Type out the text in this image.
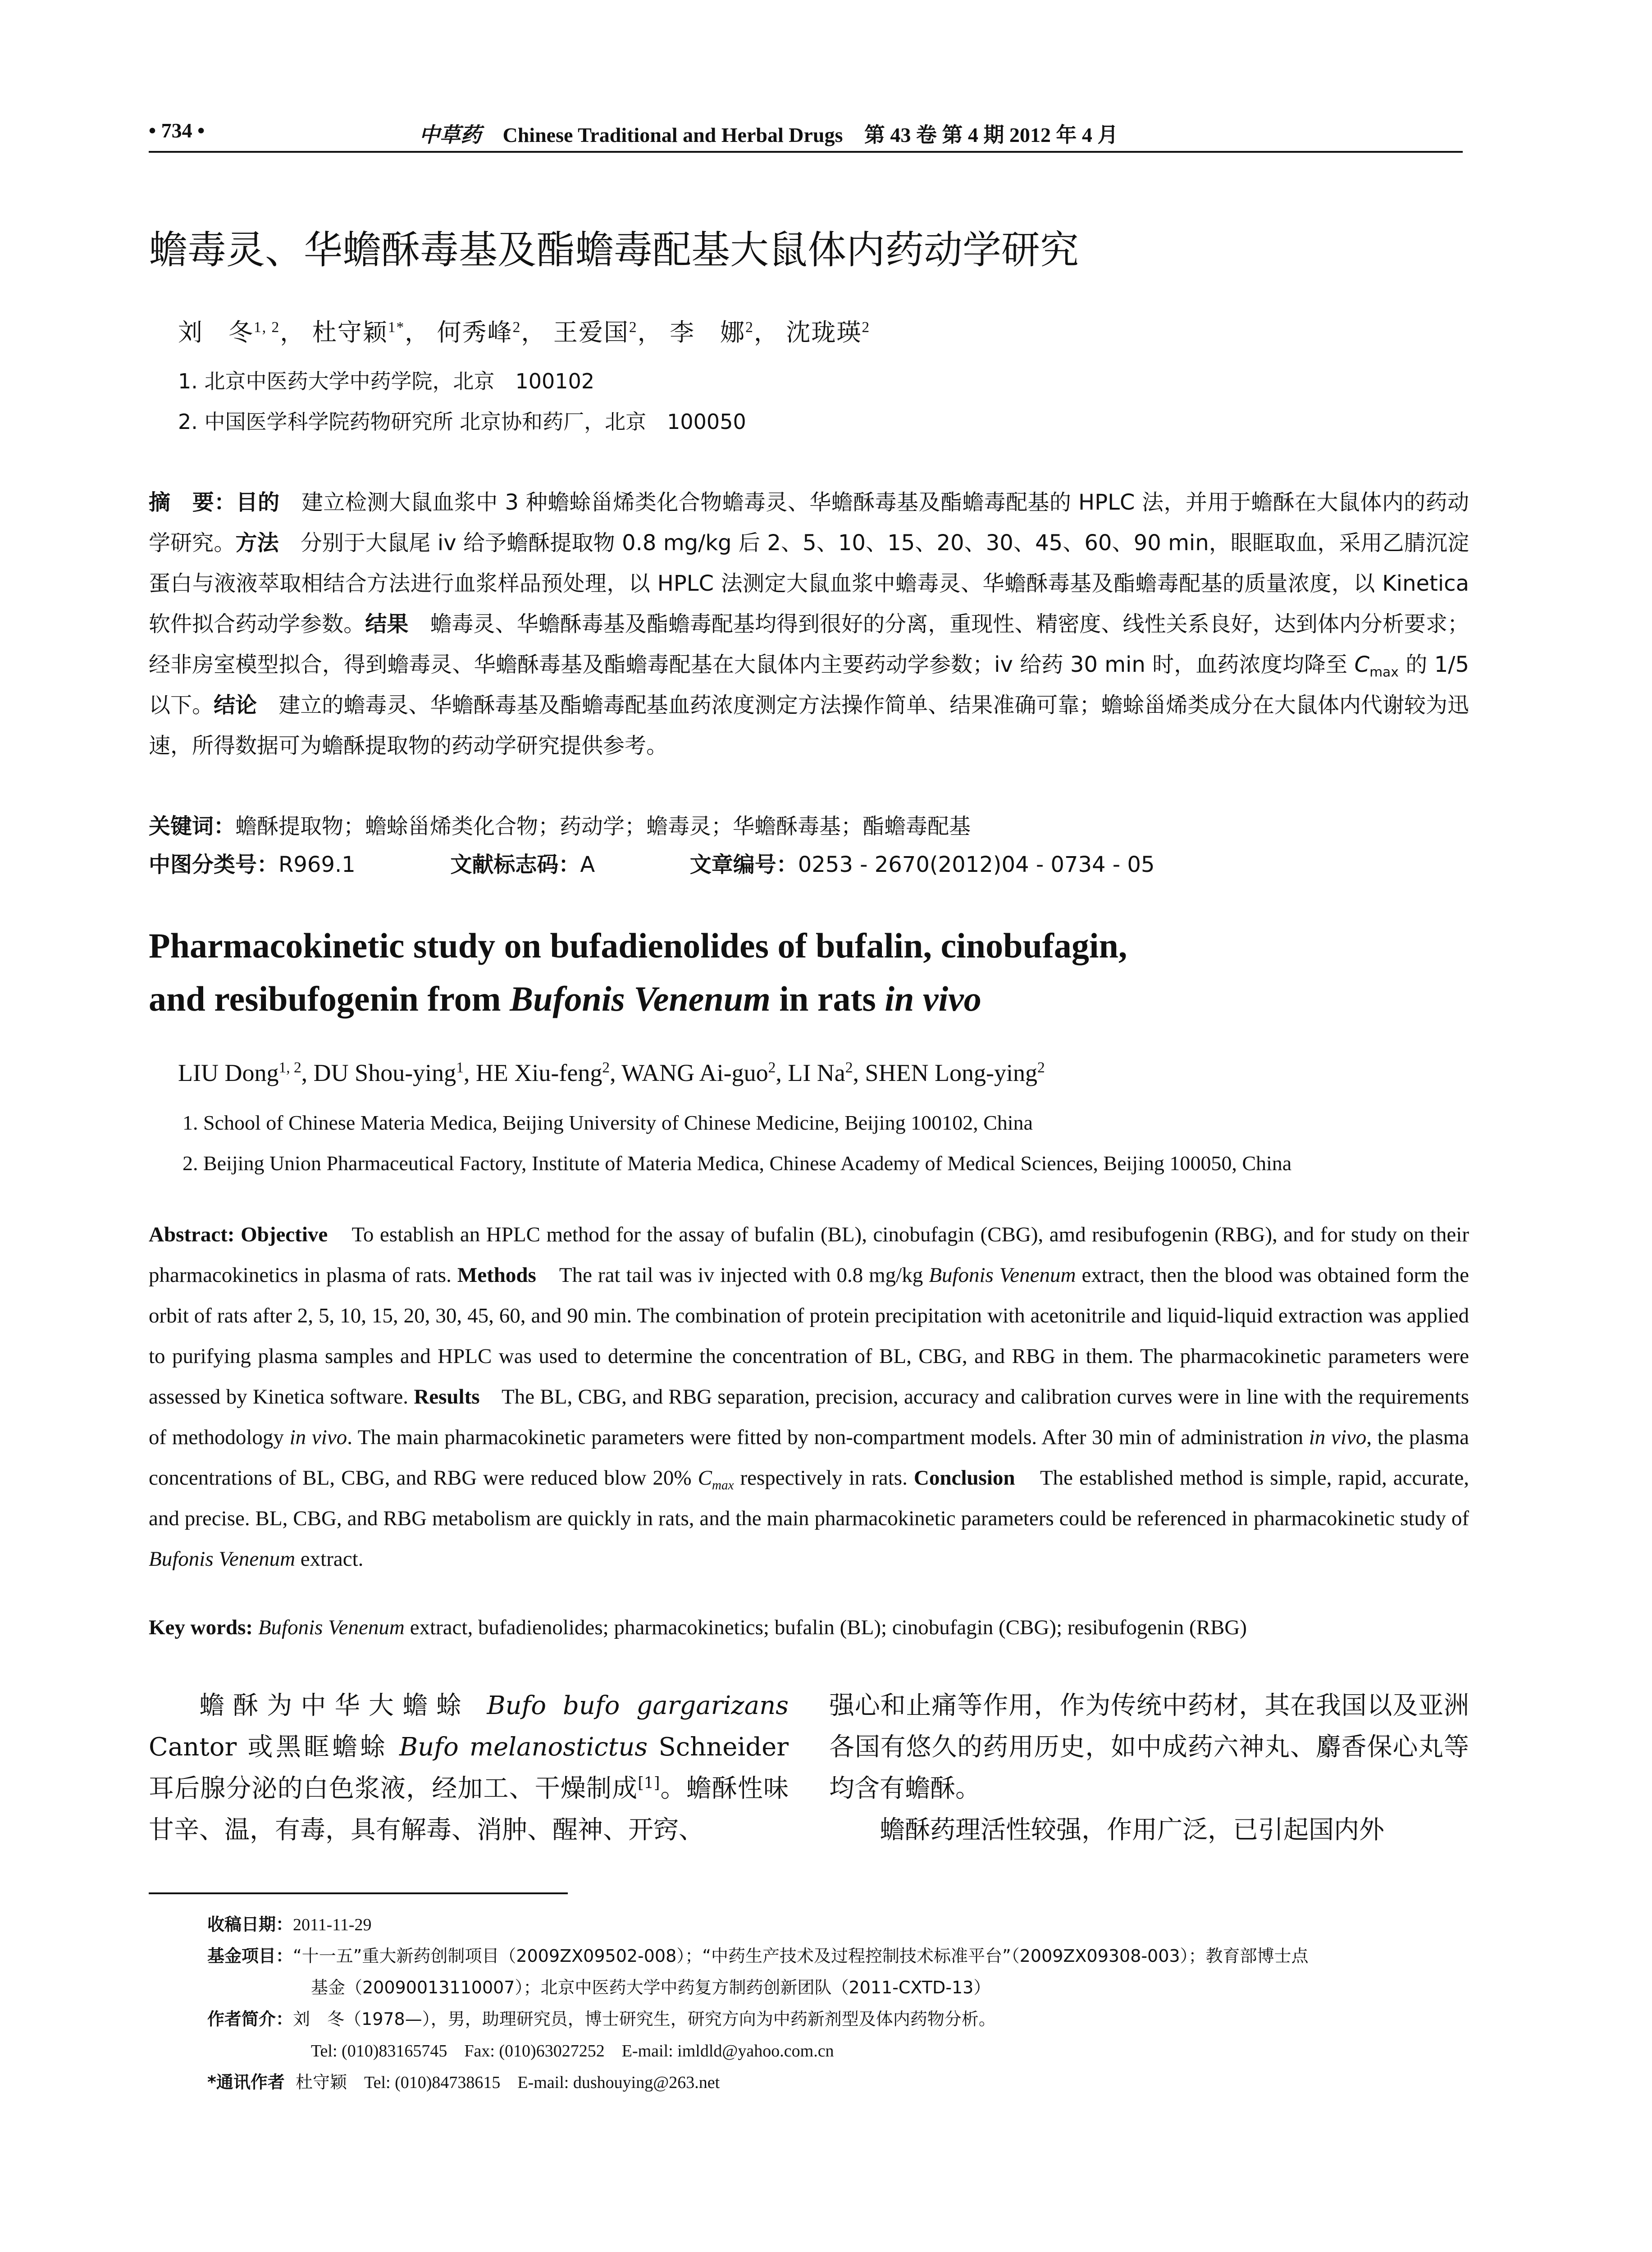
• 734 •	中草药 Chinese Traditional and Herbal Drugs 第 43 卷 第 4 期 2012 年 4 月
蟾毒灵、华蟾酥毒基及酯蟾毒配基大鼠体内药动学研究
刘　冬$^{1, 2}$， 杜守颖$^{1*}$， 何秀峰$^2$， 王爱国$^2$， 李　娜$^2$， 沈珑瑛$^2$
1. 北京中医药大学中药学院，北京　100102
2. 中国医学科学院药物研究所 北京协和药厂，北京　100050
摘　要：目的　 建立检测大鼠血浆中 3 种蟾蜍甾烯类化合物蟾毒灵、华蟾酥毒基及酯蟾毒配基的 HPLC 法，并用于蟾酥在大鼠体内的药动学研究。方法　 分别于大鼠尾 iv 给予蟾酥提取物 0.8 mg/kg 后 2、5、10、15、20、30、45、60、90 min，眼眶取血，采用乙腈沉淀蛋白与液液萃取相结合方法进行血浆样品预处理，以 HPLC 法测定大鼠血浆中蟾毒灵、华蟾酥毒基及酯蟾毒配基的质量浓度，以 Kinetica 软件拟合药动学参数。结果　 蟾毒灵、华蟾酥毒基及酯蟾毒配基均得到很好的分离，重现性、精密度、线性关系良好，达到体内分析要求；经非房室模型拟合，得到蟾毒灵、华蟾酥毒基及酯蟾毒配基在大鼠体内主要药动学参数；iv 给药 30 min 时，血药浓度均降至 $C_{max}$ 的 1/5 以下。结论　 建立的蟾毒灵、华蟾酥毒基及酯蟾毒配基血药浓度测定方法操作简单、结果准确可靠；蟾蜍甾烯类成分在大鼠体内代谢较为迅速，所得数据可为蟾酥提取物的药动学研究提供参考。
关键词：蟾酥提取物；蟾蜍甾烯类化合物；药动学；蟾毒灵；华蟾酥毒基；酯蟾毒配基
中图分类号：R969.1	文献标志码：A	文章编号：0253 - 2670(2012)04 - 0734 - 05
Pharmacokinetic study on bufadienolides of bufalin, cinobufagin,
and resibufogenin from Bufonis Venenum in rats in vivo
LIU Dong$^{1, 2}$, DU Shou-ying$^1$, HE Xiu-feng$^2$, WANG Ai-guo$^2$, LI Na$^2$, SHEN Long-ying$^2$
1. School of Chinese Materia Medica, Beijing University of Chinese Medicine, Beijing 100102, China
2. Beijing Union Pharmaceutical Factory, Institute of Materia Medica, Chinese Academy of Medical Sciences, Beijing 100050, China
Abstract: Objective To establish an HPLC method for the assay of bufalin (BL), cinobufagin (CBG), amd resibufogenin (RBG), and for study on their pharmacokinetics in plasma of rats. Methods The rat tail was iv injected with 0.8 mg/kg Bufonis Venenum extract, then the blood was obtained form the orbit of rats after 2, 5, 10, 15, 20, 30, 45, 60, and 90 min. The combination of protein precipitation with acetonitrile and liquid-liquid extraction was applied to purifying plasma samples and HPLC was used to determine the concentration of BL, CBG, and RBG in them. The pharmacokinetic parameters were assessed by Kinetica software. Results The BL, CBG, and RBG separation, precision, accuracy and calibration curves were in line with the requirements of methodology in vivo. The main pharmacokinetic parameters were fitted by non-compartment models. After 30 min of administration in vivo, the plasma concentrations of BL, CBG, and RBG were reduced blow 20% $C_{max}$ respectively in rats. Conclusion The established method is simple, rapid, accurate, and precise. BL, CBG, and RBG metabolism are quickly in rats, and the main pharmacokinetic parameters could be referenced in pharmacokinetic study of Bufonis Venenum extract.
Key words: Bufonis Venenum extract, bufadienolides; pharmacokinetics; bufalin (BL); cinobufagin (CBG); resibufogenin (RBG)
蟾酥为中华大蟾蜍 Bufo bufo gargarizans Cantor 或黑眶蟾蜍 Bufo melanostictus Schneider 耳后腺分泌的白色浆液，经加工、干燥制成[1]。蟾酥性味甘辛、温，有毒，具有解毒、消肿、醒神、开窍、
强心和止痛等作用，作为传统中药材，其在我国以及亚洲各国有悠久的药用历史，如中成药六神丸、麝香保心丸等均含有蟾酥。
蟾酥药理活性较强，作用广泛，已引起国内外
收稿日期：2011-11-29
基金项目：“十一五”重大新药创制项目（2009ZX09502-008）；“中药生产技术及过程控制技术标准平台”（2009ZX09308-003）；教育部博士点
基金（20090013110007）；北京中医药大学中药复方制药创新团队（2011-CXTD-13）
作者简介：刘　冬（1978—），男，助理研究员，博士研究生，研究方向为中药新剂型及体内药物分析。
Tel: (010)83165745　Fax: (010)63027252　E-mail: imldld@yahoo.com.cn
*通讯作者 杜守颖　Tel: (010)84738615　E-mail: dushouying@263.net
